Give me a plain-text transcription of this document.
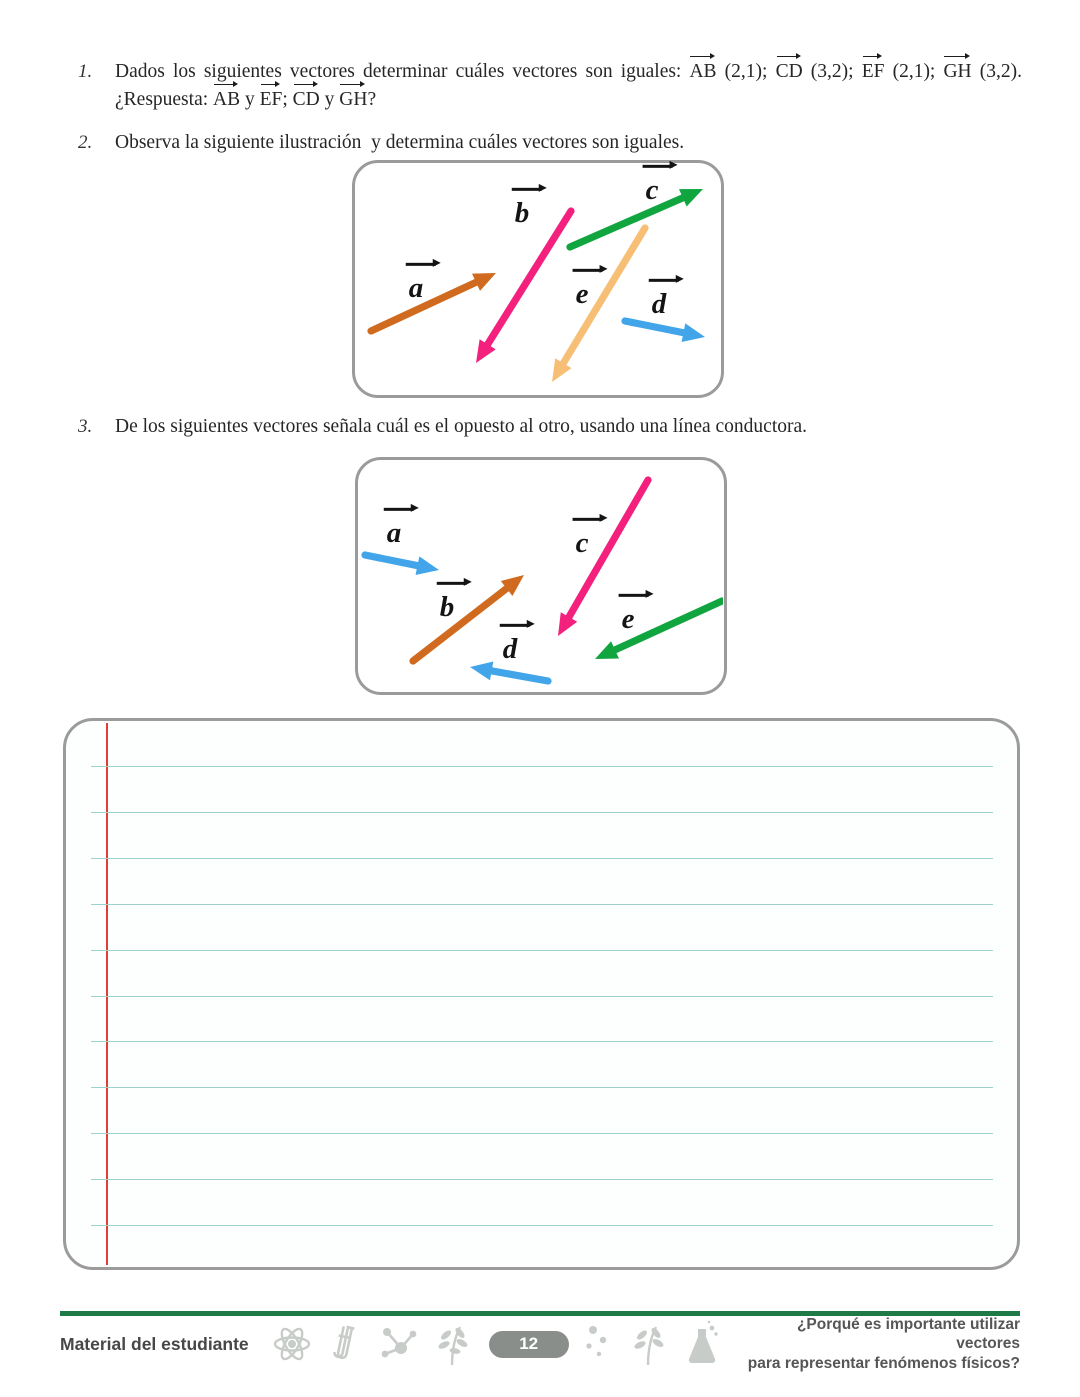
1.	Dados los siguientes vectores determinar cuáles vectores son iguales: AB (2,1); CD (3,2); EF (2,1); GH (3,2). ¿Respuesta: AB y EF; CD y GH?
2.	Observa la siguiente ilustración  y determina cuáles vectores son iguales.
a
b
c
e d
3.	De los siguientes vectores señala cuál es el opuesto al otro, usando una línea conductora.
a
b
c
d
e
Material del estudiante	12
¿Porqué es importante utilizar vectores
para representar fenómenos físicos?
